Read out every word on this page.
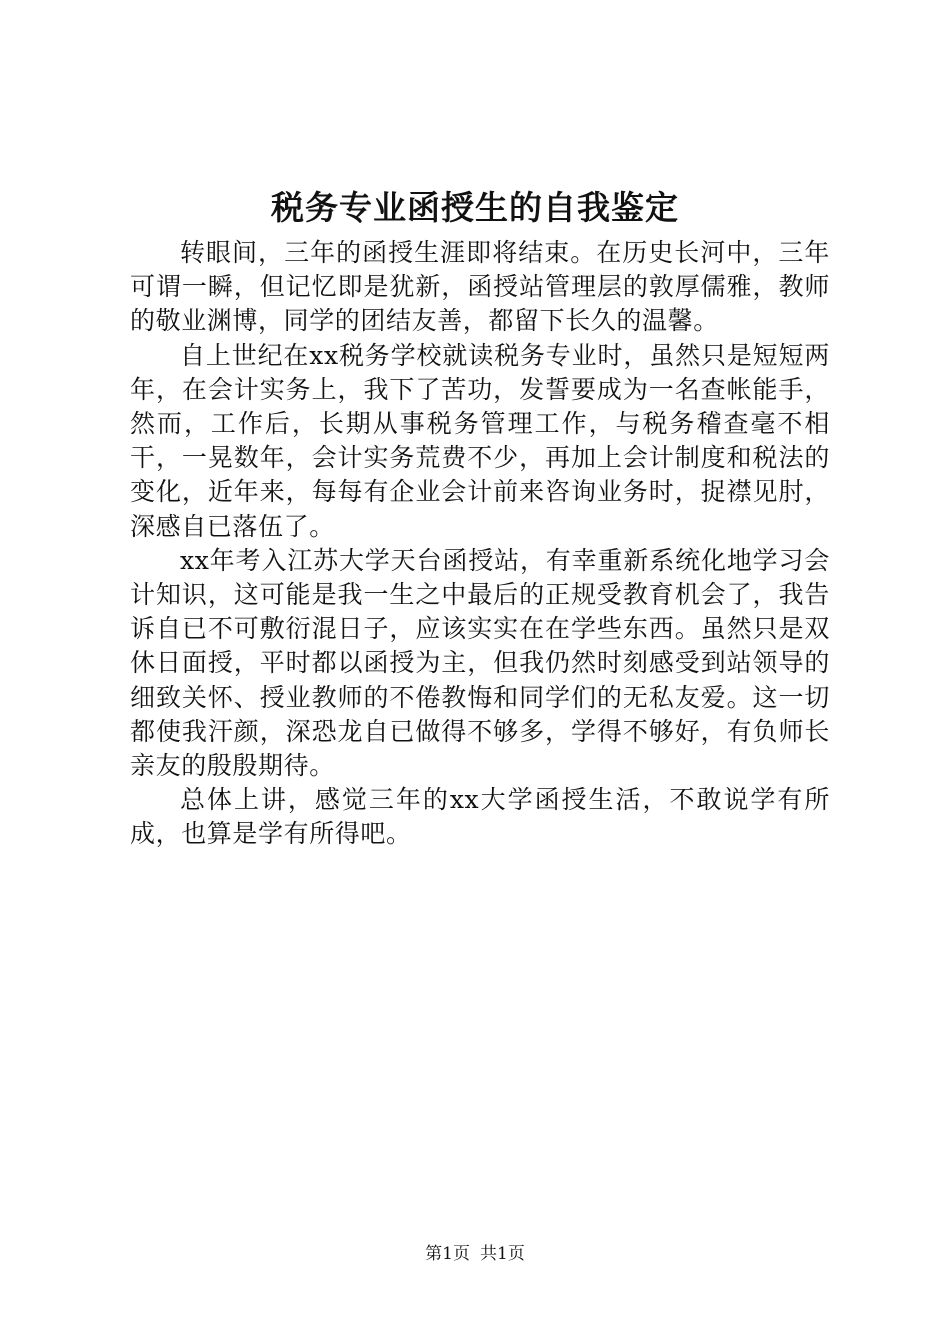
税务专业函授生的自我鉴定

转眼间，三年的函授生涯即将结束。在历史长河中，三年可谓一瞬，但记忆即是犹新，函授站管理层的敦厚儒雅，教师的敬业渊博，同学的团结友善，都留下长久的温馨。

自上世纪在xx税务学校就读税务专业时，虽然只是短短两年，在会计实务上，我下了苦功，发誓要成为一名查帐能手，然而，工作后，长期从事税务管理工作，与税务稽查毫不相干，一晃数年，会计实务荒费不少，再加上会计制度和税法的变化，近年来，每每有企业会计前来咨询业务时，捉襟见肘，深感自已落伍了。

xx年考入江苏大学天台函授站，有幸重新系统化地学习会计知识，这可能是我一生之中最后的正规受教育机会了，我告诉自已不可敷衍混日子，应该实实在在学些东西。虽然只是双休日面授，平时都以函授为主，但我仍然时刻感受到站领导的细致关怀、授业教师的不倦教悔和同学们的无私友爱。这一切都使我汗颜，深恐龙自已做得不够多，学得不够好，有负师长亲友的殷殷期待。

总体上讲，感觉三年的xx大学函授生活，不敢说学有所成，也算是学有所得吧。

第1页 共1页
